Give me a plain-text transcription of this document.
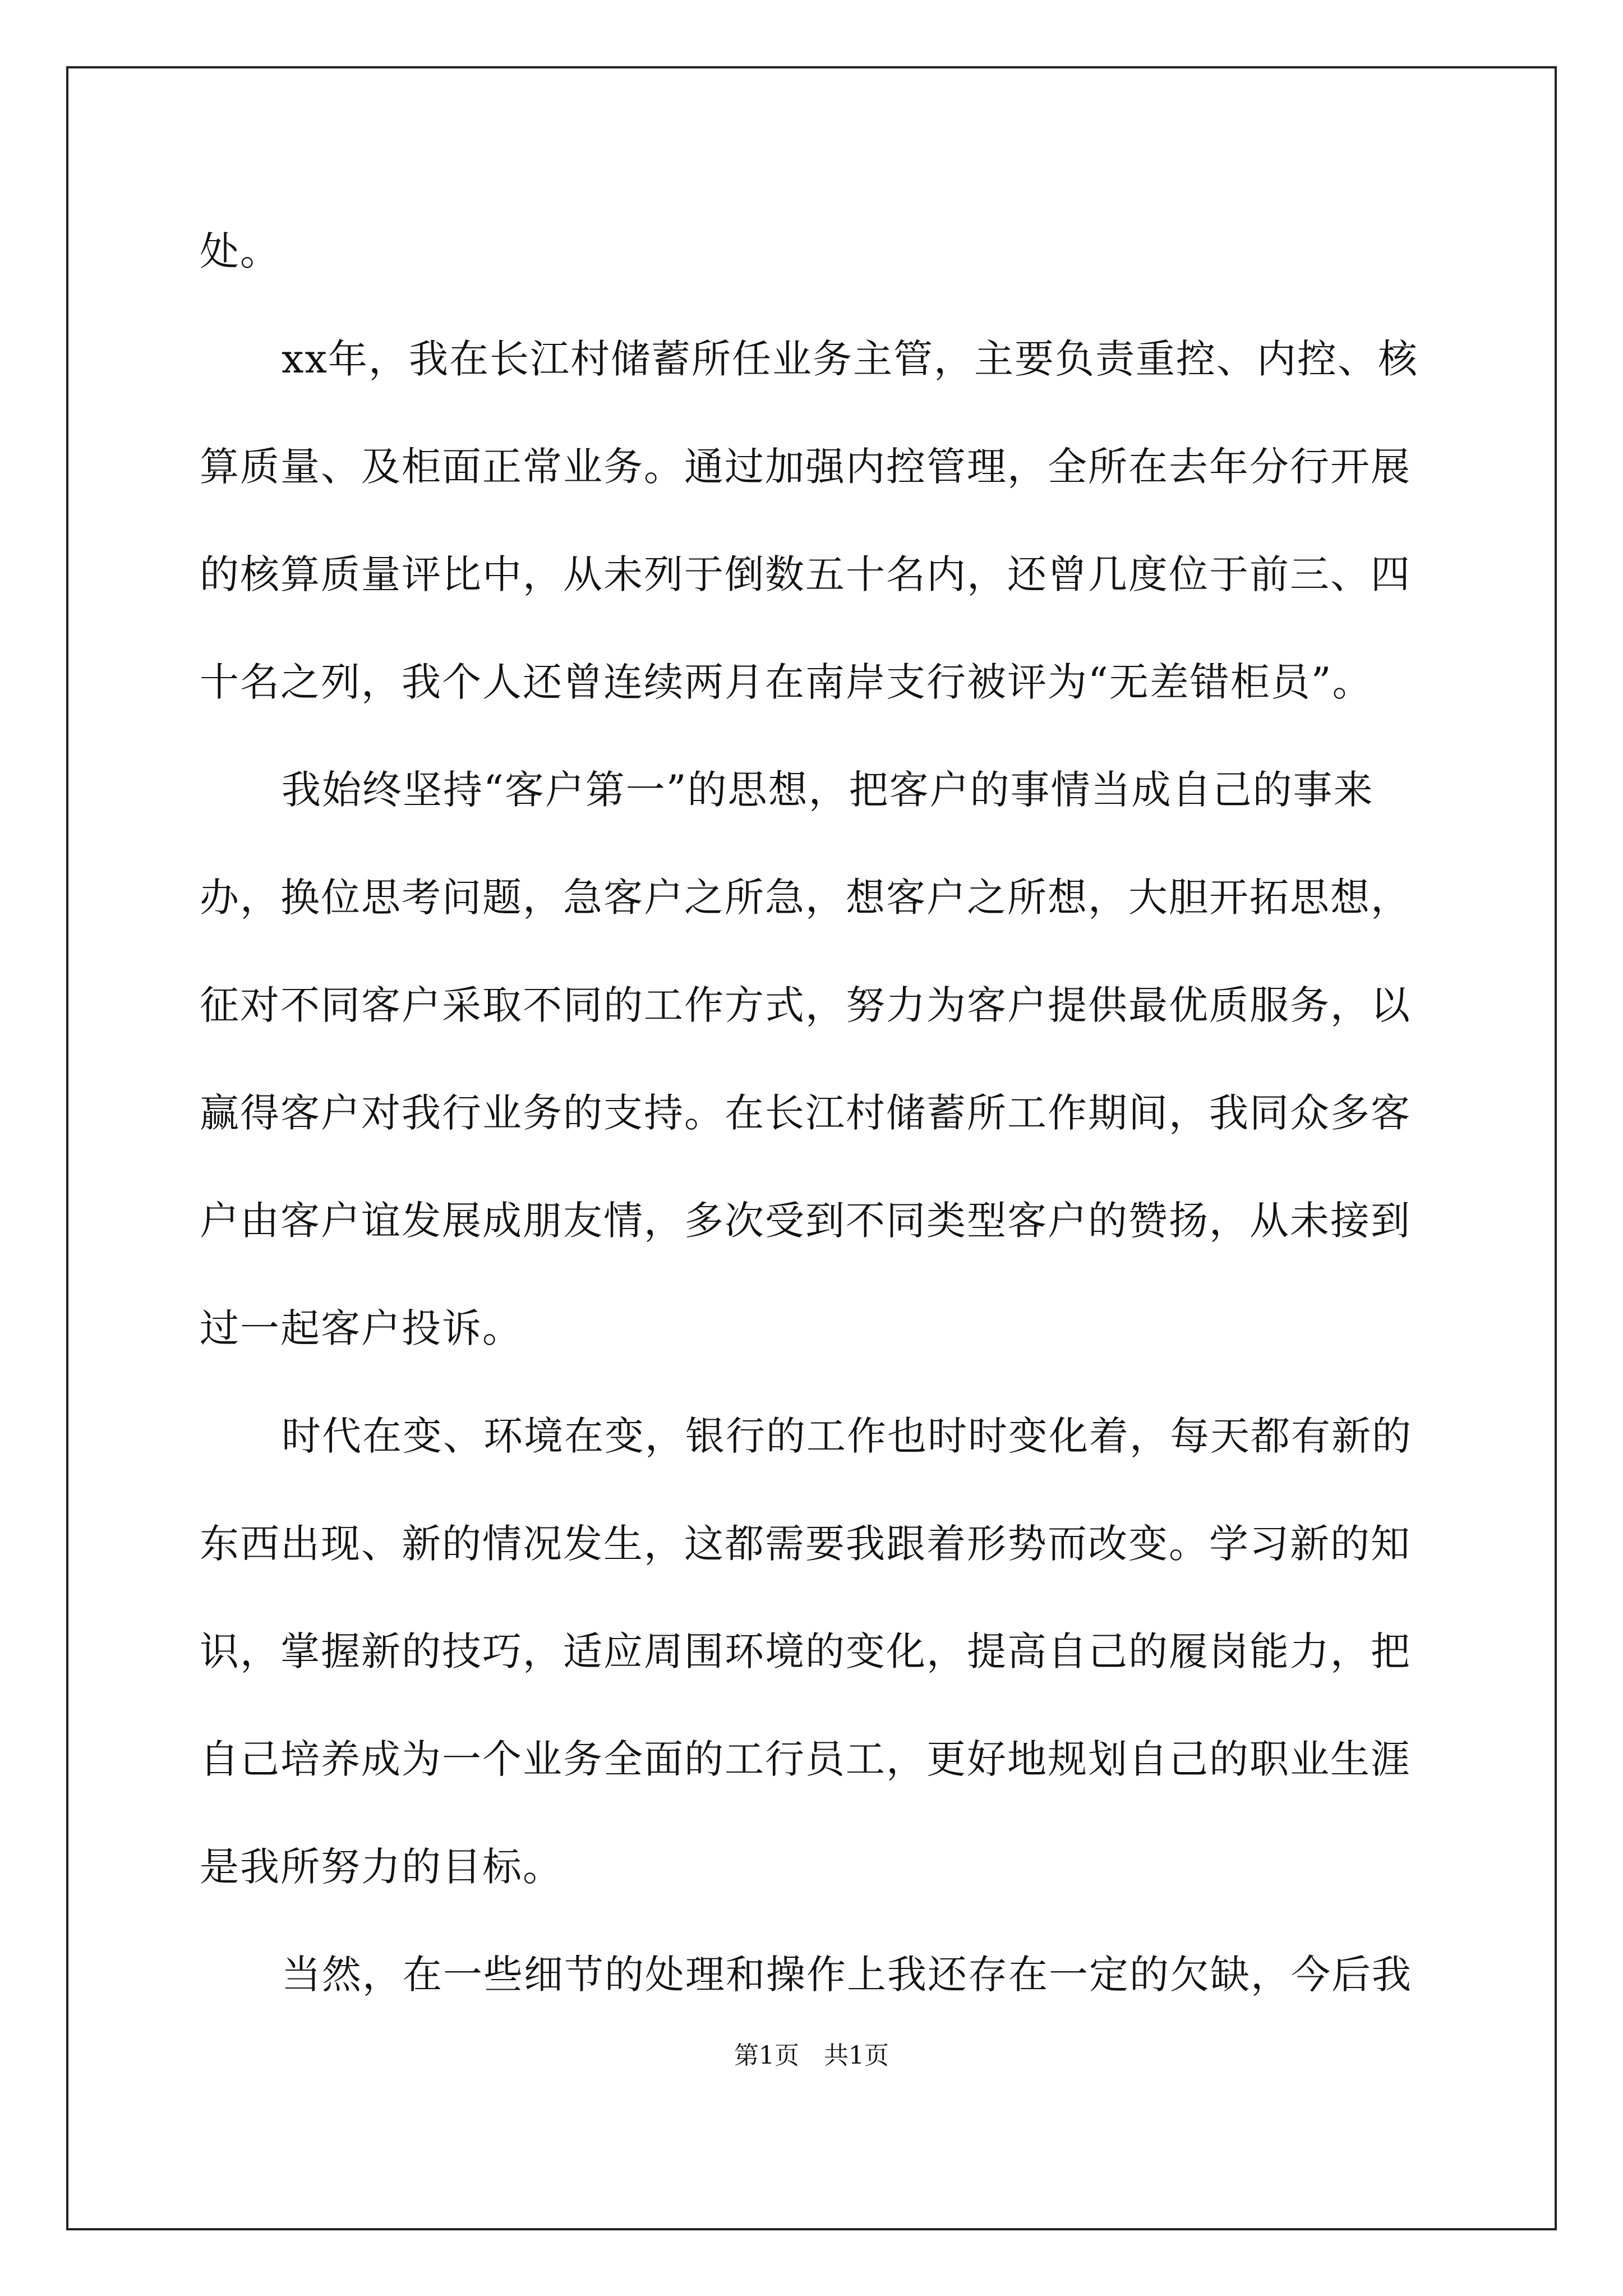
处。
xx年，我在长江村储蓄所任业务主管，主要负责重控、内控、核
算质量、及柜面正常业务。通过加强内控管理，全所在去年分行开展
的核算质量评比中，从未列于倒数五十名内，还曾几度位于前三、四
十名之列，我个人还曾连续两月在南岸支行被评为“无差错柜员”。
我始终坚持“客户第一”的思想，把客户的事情当成自己的事来
办，换位思考问题，急客户之所急，想客户之所想，大胆开拓思想，
征对不同客户采取不同的工作方式，努力为客户提供最优质服务，以
赢得客户对我行业务的支持。在长江村储蓄所工作期间，我同众多客
户由客户谊发展成朋友情，多次受到不同类型客户的赞扬，从未接到
过一起客户投诉。
时代在变、环境在变，银行的工作也时时变化着，每天都有新的
东西出现、新的情况发生，这都需要我跟着形势而改变。学习新的知
识，掌握新的技巧，适应周围环境的变化，提高自己的履岗能力，把
自己培养成为一个业务全面的工行员工，更好地规划自己的职业生涯
是我所努力的目标。
当然，在一些细节的处理和操作上我还存在一定的欠缺，今后我
第1页　共1页
